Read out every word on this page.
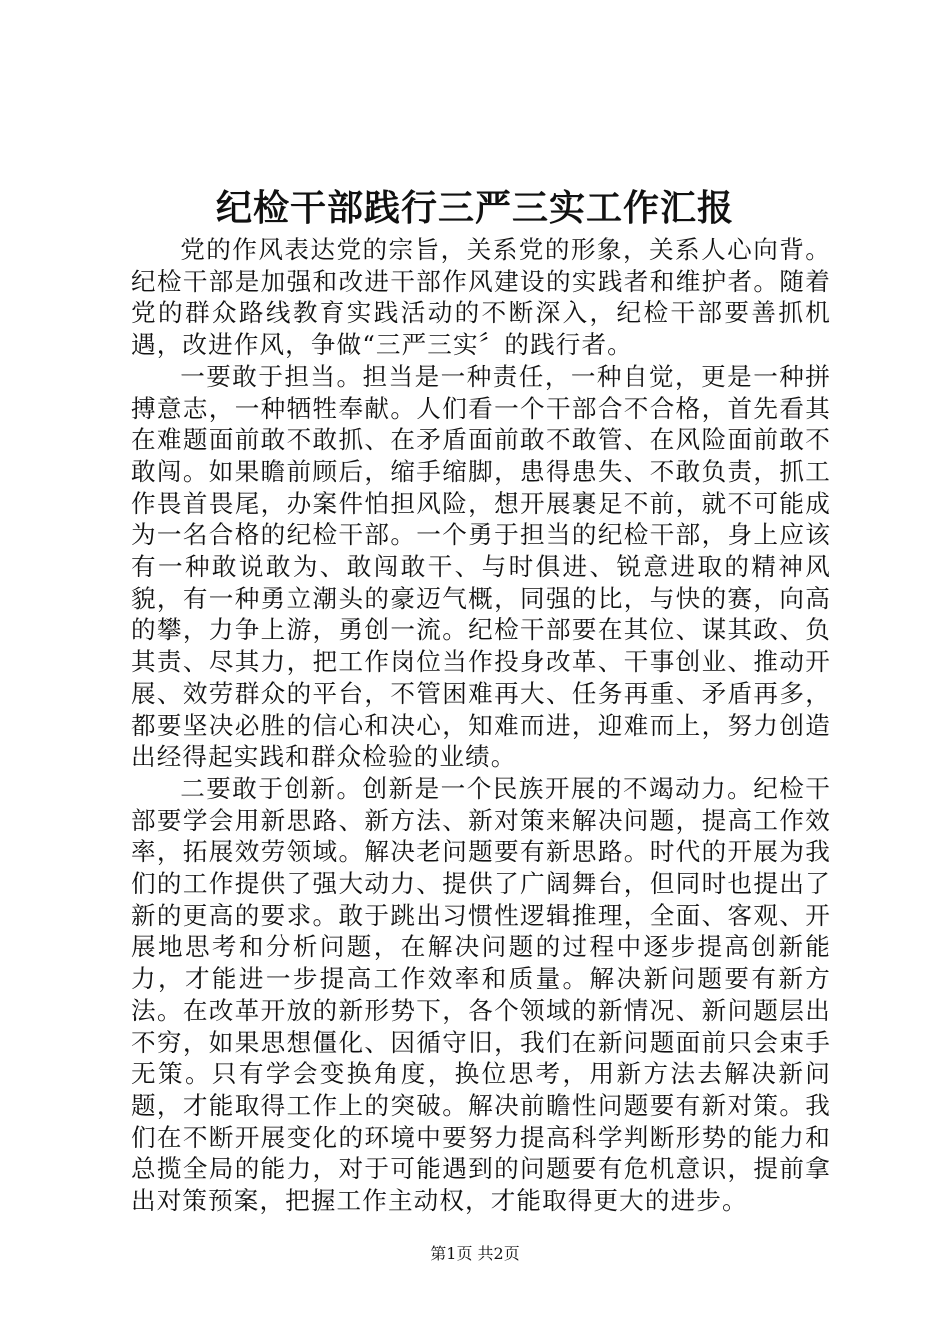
纪检干部践行三严三实工作汇报

党的作风表达党的宗旨，关系党的形象，关系人心向背。纪检干部是加强和改进干部作风建设的实践者和维护者。随着党的群众路线教育实践活动的不断深入，纪检干部要善抓机遇，改进作风，争做“三严三实〞的践行者。

一要敢于担当。担当是一种责任，一种自觉，更是一种拼搏意志，一种牺牲奉献。人们看一个干部合不合格，首先看其在难题面前敢不敢抓、在矛盾面前敢不敢管、在风险面前敢不敢闯。如果瞻前顾后，缩手缩脚，患得患失、不敢负责，抓工作畏首畏尾，办案件怕担风险，想开展裹足不前，就不可能成为一名合格的纪检干部。一个勇于担当的纪检干部，身上应该有一种敢说敢为、敢闯敢干、与时俱进、锐意进取的精神风貌，有一种勇立潮头的豪迈气概，同强的比，与快的赛，向高的攀，力争上游，勇创一流。纪检干部要在其位、谋其政、负其责、尽其力，把工作岗位当作投身改革、干事创业、推动开展、效劳群众的平台，不管困难再大、任务再重、矛盾再多，都要坚决必胜的信心和决心，知难而进，迎难而上，努力创造出经得起实践和群众检验的业绩。

二要敢于创新。创新是一个民族开展的不竭动力。纪检干部要学会用新思路、新方法、新对策来解决问题，提高工作效率，拓展效劳领域。解决老问题要有新思路。时代的开展为我们的工作提供了强大动力、提供了广阔舞台，但同时也提出了新的更高的要求。敢于跳出习惯性逻辑推理，全面、客观、开展地思考和分析问题，在解决问题的过程中逐步提高创新能力，才能进一步提高工作效率和质量。解决新问题要有新方法。在改革开放的新形势下，各个领域的新情况、新问题层出不穷，如果思想僵化、因循守旧，我们在新问题面前只会束手无策。只有学会变换角度，换位思考，用新方法去解决新问题，才能取得工作上的突破。解决前瞻性问题要有新对策。我们在不断开展变化的环境中要努力提高科学判断形势的能力和总揽全局的能力，对于可能遇到的问题要有危机意识，提前拿出对策预案，把握工作主动权，才能取得更大的进步。

第1页 共2页
